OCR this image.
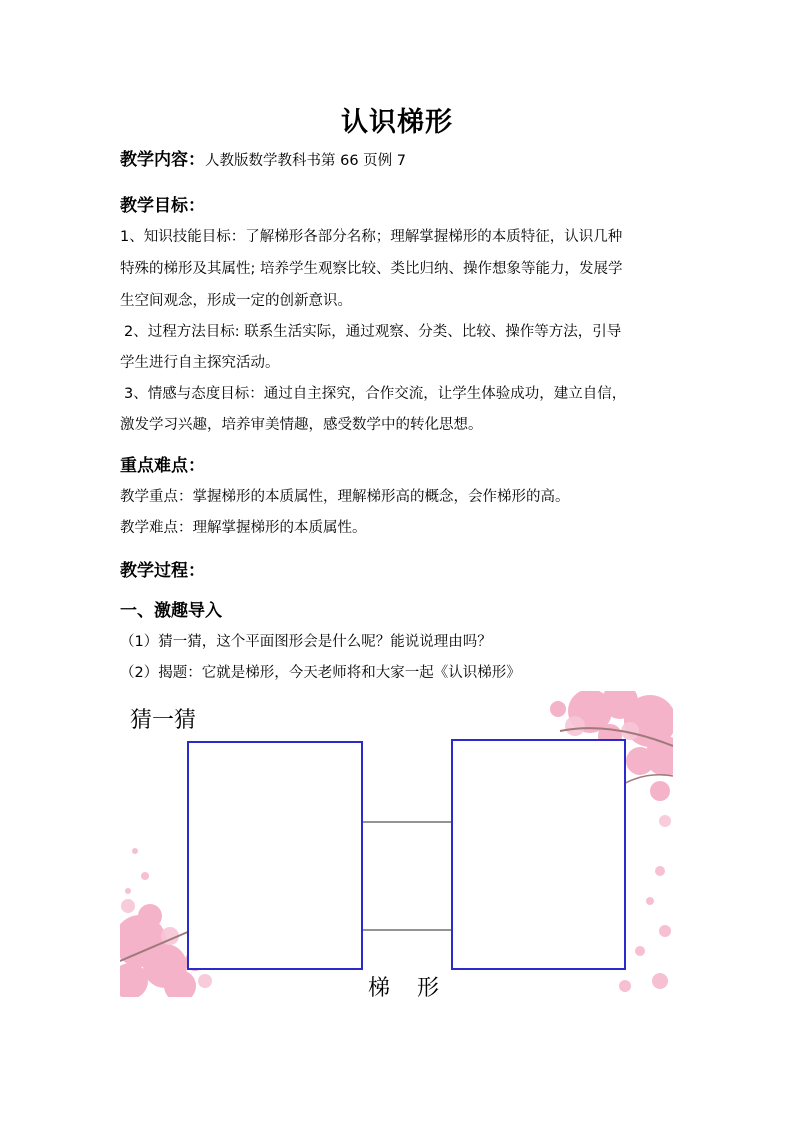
认识梯形
教学内容：人教版数学教科书第 66 页例 7
教学目标：
1、知识技能目标：了解梯形各部分名称；理解掌握梯形的本质特征，认识几种
特殊的梯形及其属性; 培养学生观察比较、类比归纳、操作想象等能力，发展学
生空间观念，形成一定的创新意识。
2、过程方法目标: 联系生活实际，通过观察、分类、比较、操作等方法，引导
学生进行自主探究活动。
3、情感与态度目标：通过自主探究，合作交流，让学生体验成功，建立自信，
激发学习兴趣，培养审美情趣，感受数学中的转化思想。
重点难点：
教学重点：掌握梯形的本质属性，理解梯形高的概念，会作梯形的高。
教学难点：理解掌握梯形的本质属性。
教学过程：
一、激趣导入
（1）猜一猜，这个平面图形会是什么呢？能说说理由吗？
（2）揭题：它就是梯形，今天老师将和大家一起《认识梯形》
猜一猜
梯 形
